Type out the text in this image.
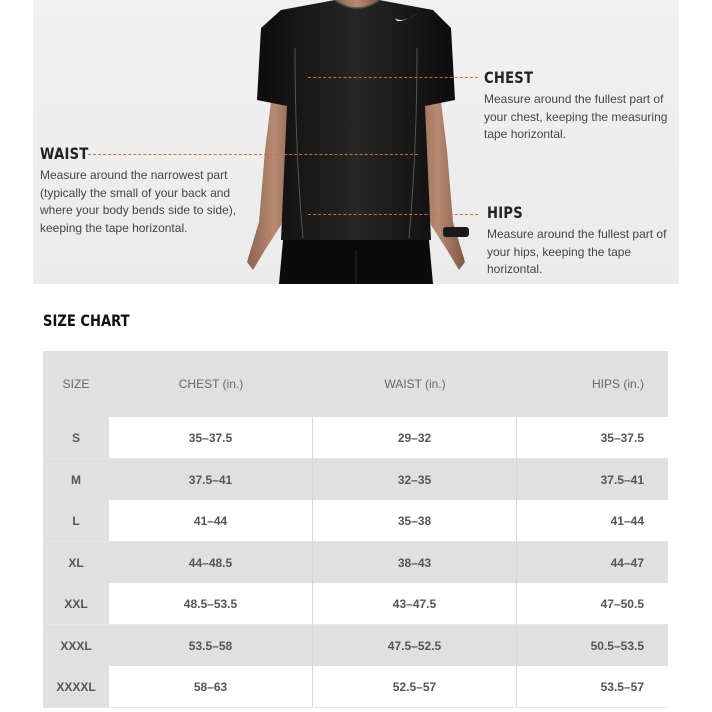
CHEST

Measure around the fullest part of your chest, keeping the measuring tape horizontal.

WAIST

Measure around the narrowest part (typically the small of your back and where your body bends side to side), keeping the tape horizontal.

HIPS

Measure around the fullest part of your hips, keeping the tape horizontal.

SIZE CHART
SIZE	CHEST (in.)	WAIST (in.)	HIPS (in.)
S	35–37.5	29–32	35–37.5
M	37.5–41	32–35	37.5–41
L	41–44	35–38	41–44
XL	44–48.5	38–43	44–47
XXL	48.5–53.5	43–47.5	47–50.5
XXXL	53.5–58	47.5–52.5	50.5–53.5
XXXXL	58–63	52.5–57	53.5–57
